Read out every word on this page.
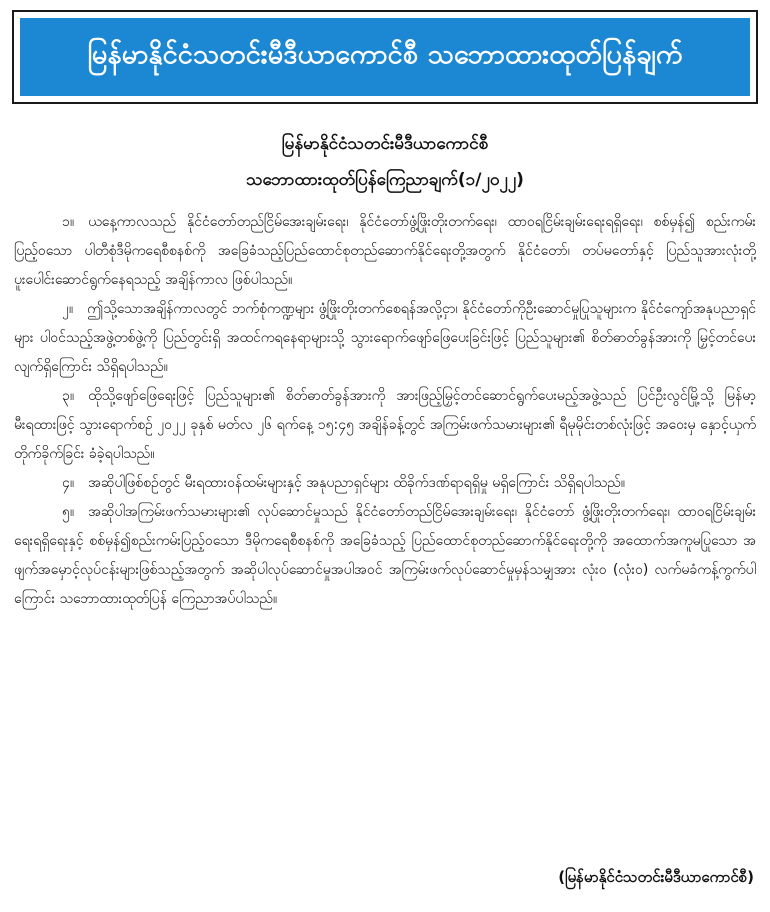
မြန်မာနိုင်ငံသတင်းမီဒီယာကောင်စီ သဘောထားထုတ်ပြန်ချက်
မြန်မာနိုင်ငံသတင်းမီဒီယာကောင်စီ
သဘောထားထုတ်ပြန်ကြေညာချက်(၁/၂၀၂၂)

၁။ ယနေ့ကာလသည် နိုင်ငံတော်တည်ငြိမ်အေးချမ်းရေး၊ နိုင်ငံတော်ဖွံ့ဖြိုးတိုးတက်ရေး၊ ထာ၀ရငြိမ်းချမ်းရေးရရှိရေး၊ စစ်မှန်၍ စည်းကမ်းပြည့်၀သော ပါတီစုံဒီမိုကရေစီစနစ်ကို အခြေခံသည့်ပြည်ထောင်စုတည်ဆောက်နိုင်ရေးတို့အတွက် နိုင်ငံတော်၊ တပ်မတော်နှင့် ပြည်သူအားလုံးတို့ ပူးပေါင်းဆောင်ရွက်နေရသည့် အချိန်ကာလ ဖြစ်ပါသည်။

၂။ ဤသို့သောအချိန်ကာလတွင် ဘက်စုံကဏ္ဍများ ဖွံ့ဖြိုးတိုးတက်စေရန်အလို့ငှာ၊ နိုင်ငံတော်ကိုဦးဆောင်မှုပြုသူများက နိုင်ငံကျော်အနုပညာရှင်များ ပါဝင်သည့်အဖွဲ့တစ်ဖွဲ့ကို ပြည်တွင်းရှိ အထင်ကရနေရာများသို့ သွားရောက်ဖျော်ဖြေပေးခြင်းဖြင့် ပြည်သူများ၏ စိတ်ဓာတ်ခွန်အားကို မြှင့်တင်ပေးလျက်ရှိကြောင်း သိရှိရပါသည်။

၃။ ထိုသို့ဖျော်ဖြေရေးဖြင့် ပြည်သူများ၏ စိတ်ဓာတ်ခွန်အားကို အားဖြည့်မြှင့်တင်ဆောင်ရွက်ပေးမည့်အဖွဲ့သည် ပြင်ဦးလွင်မြို့သို့ မြန်မာ့မီးရထားဖြင့် သွားရောက်စဉ် ၂၀၂၂ ခုနှစ် မတ်လ ၂၆ ရက်နေ့ ၁၅:၄၅ အချိန်ခန့်တွင် အကြမ်းဖက်သမားများ၏ ရီမုမိုင်းတစ်လုံးဖြင့် အဝေးမှ နှောင့်ယှက်တိုက်ခိုက်ခြင်း ခံခဲ့ရပါသည်။

၄။ အဆိုပါဖြစ်စဉ်တွင် မီးရထားဝန်ထမ်းများနှင့် အနုပညာရှင်များ ထိခိုက်ဒဏ်ရာရရှိမှု မရှိကြောင်း သိရှိရပါသည်။

၅။ အဆိုပါအကြမ်းဖက်သမားများ၏ လုပ်ဆောင်မှုသည် နိုင်ငံတော်တည်ငြိမ်အေးချမ်းရေး၊ နိုင်ငံတော် ဖွံ့ဖြိုးတိုးတက်ရေး၊ ထာဝရငြိမ်းချမ်းရေးရရှိရေးနှင့် စစ်မှန်၍စည်းကမ်းပြည့်ဝသော ဒီမိုကရေစီစနစ်ကို အခြေခံသည့် ပြည်ထောင်စုတည်ဆောက်နိုင်ရေးတို့ကို အထောက်အကူမပြုသော အဖျက်အမှောင့်လုပ်ငန်းများဖြစ်သည့်အတွက် အဆိုပါလုပ်ဆောင်မှုအပါအဝင် အကြမ်းဖက်လုပ်ဆောင်မှုမှန်သမျှအား လုံး၀ (လုံး၀) လက်မခံကန့်ကွက်ပါကြောင်း သဘောထားထုတ်ပြန် ကြေညာအပ်ပါသည်။

(မြန်မာနိုင်ငံသတင်းမီဒီယာကောင်စီ)
